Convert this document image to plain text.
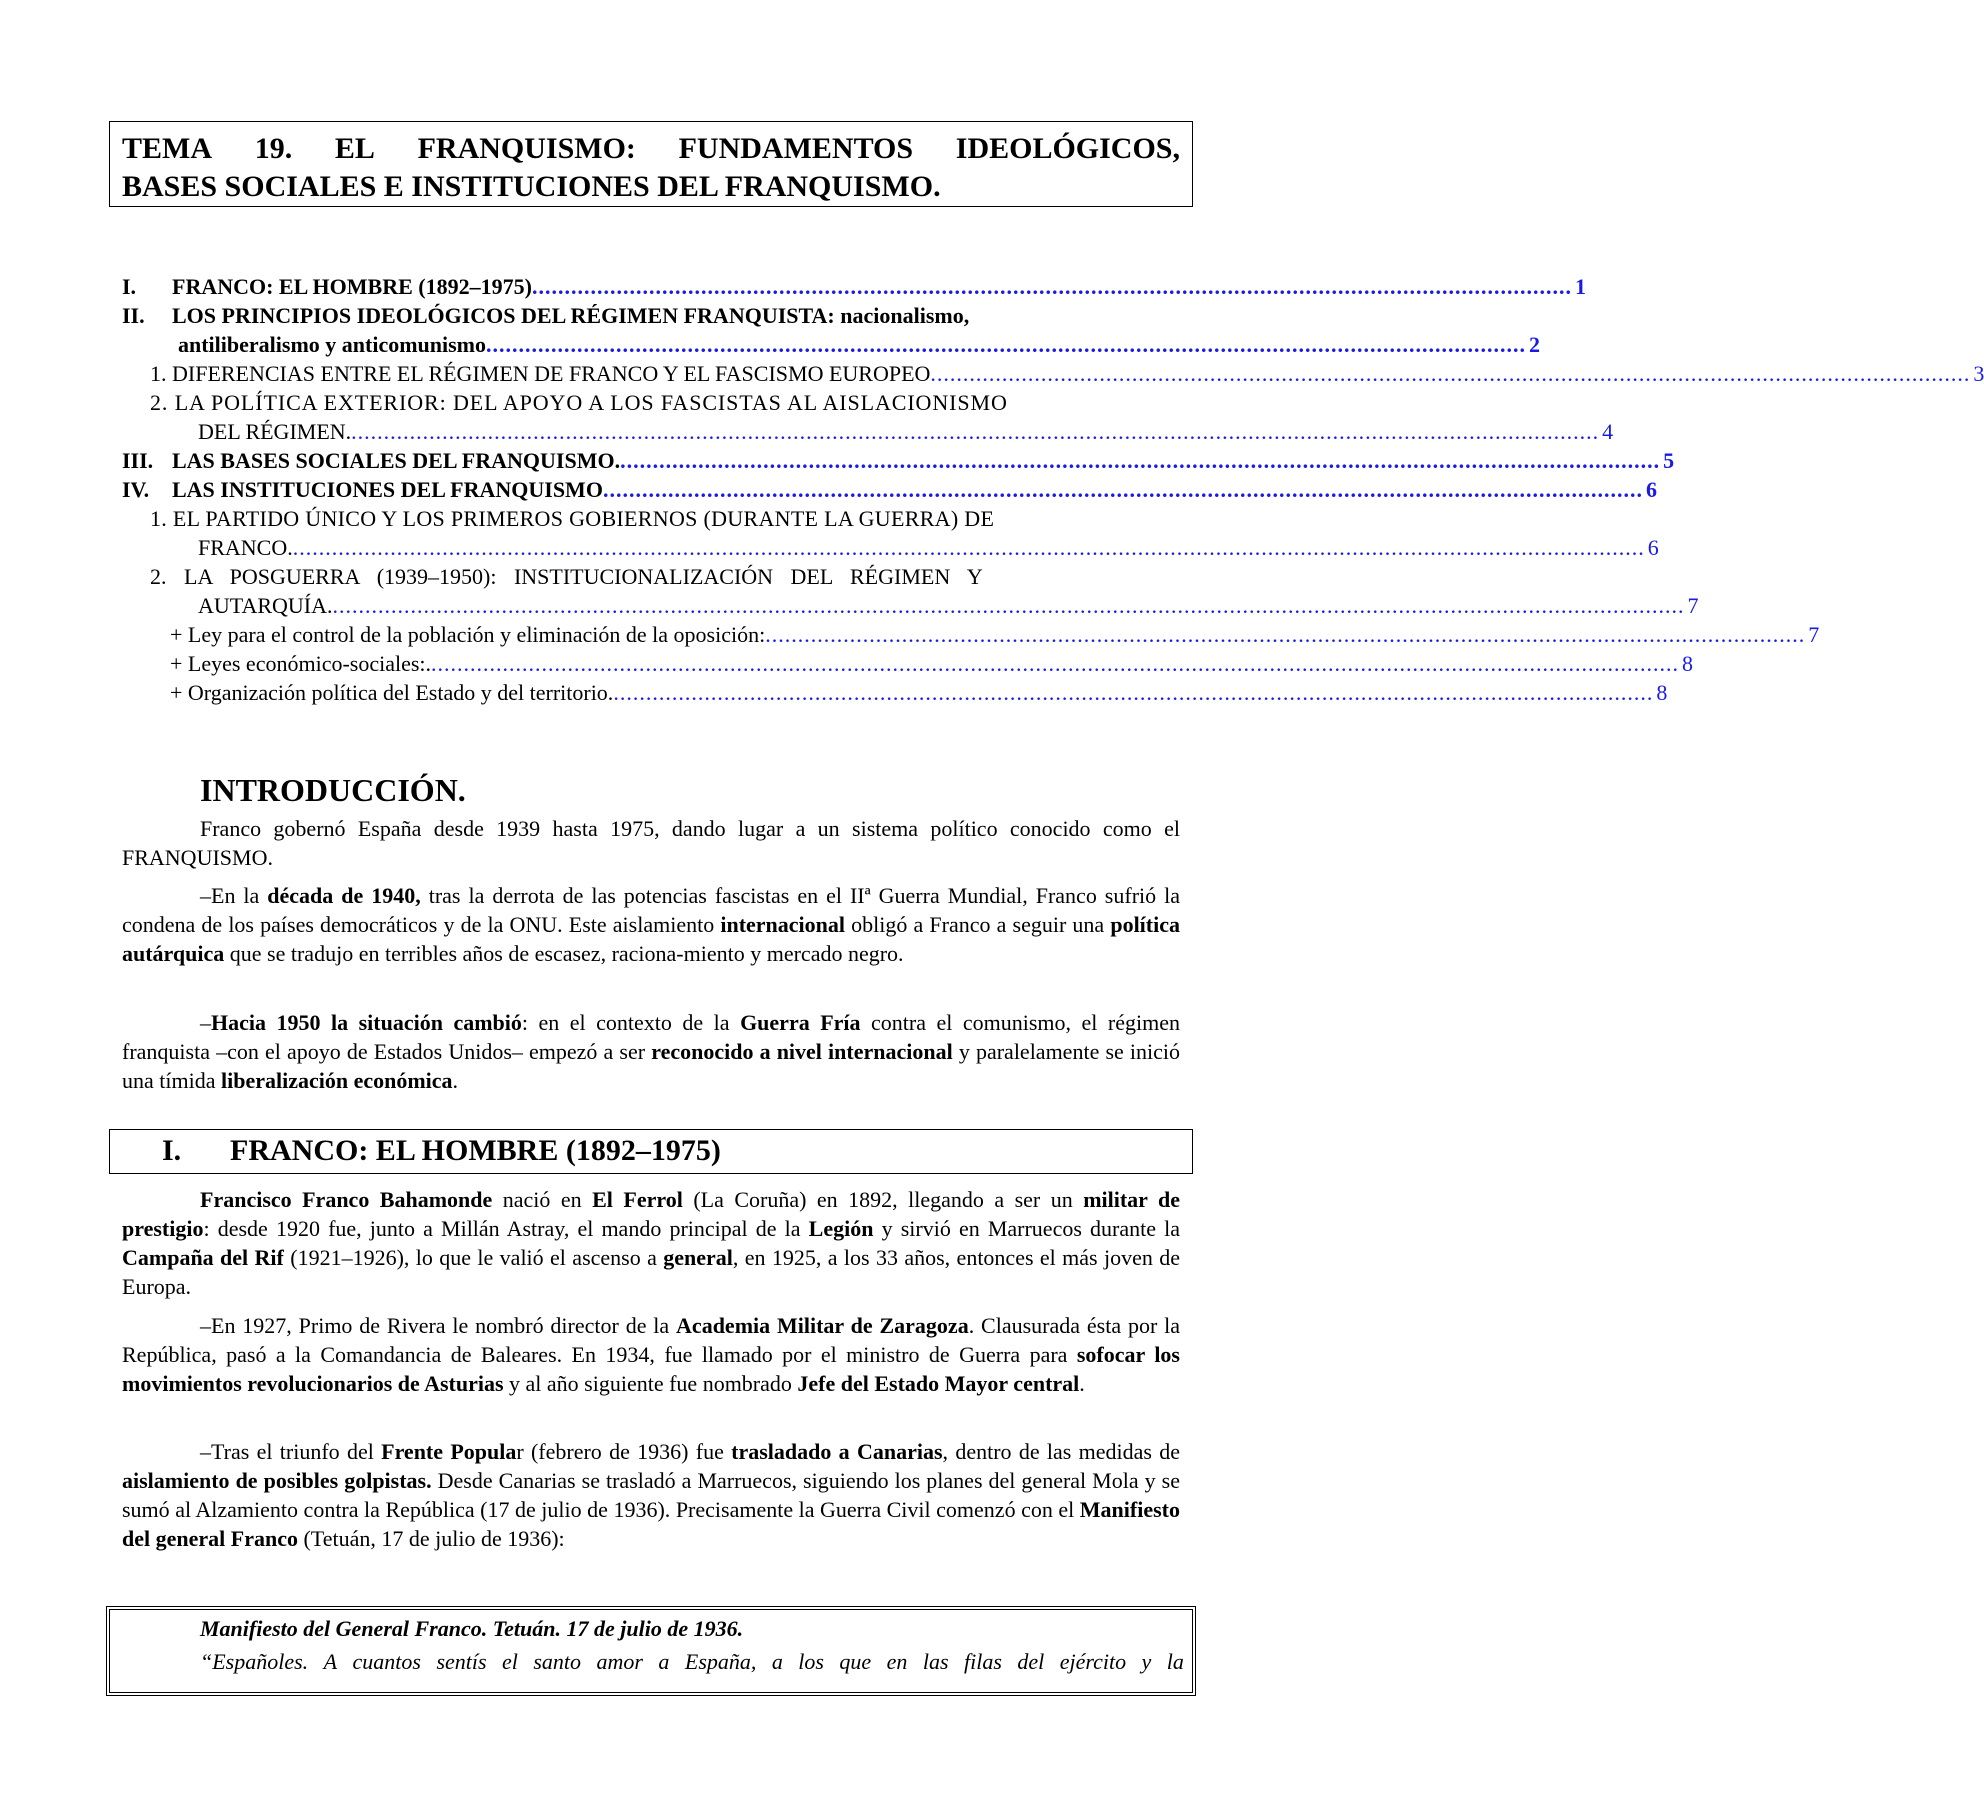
TEMA 19. EL FRANQUISMO: FUNDAMENTOS IDEOLÓGICOS,
BASES SOCIALES E INSTITUCIONES DEL FRANQUISMO.
I. FRANCO: EL HOMBRE (1892–1975) ................................................................................................................................................................ 1
II. LOS PRINCIPIOS IDEOLÓGICOS DEL RÉGIMEN FRANQUISTA: nacionalismo,
antiliberalismo y anticomunismo ................................................................................................................................................................ 2
1. DIFERENCIAS ENTRE EL RÉGIMEN DE FRANCO Y EL FASCISMO EUROPEO ................................................................................................................................................................ 3
2. LA POLÍTICA EXTERIOR: DEL APOYO A LOS FASCISTAS AL AISLACIONISMO
DEL RÉGIMEN. ................................................................................................................................................................................................ 4
III. LAS BASES SOCIALES DEL FRANQUISMO. ................................................................................................................................................................ 5
IV. LAS INSTITUCIONES DEL FRANQUISMO ................................................................................................................................................................ 6
1. EL PARTIDO ÚNICO Y LOS PRIMEROS GOBIERNOS (DURANTE LA GUERRA) DE
FRANCO. ................................................................................................................................................................................................................ 6
2. LA POSGUERRA (1939–1950): INSTITUCIONALIZACIÓN DEL RÉGIMEN Y
AUTARQUÍA. ................................................................................................................................................................................................................ 7
+ Ley para el control de la población y eliminación de la oposición: ................................................................................................................................................................ 7
+ Leyes económico-sociales:. ................................................................................................................................................................................................ 8
+ Organización política del Estado y del territorio. ................................................................................................................................................................ 8
INTRODUCCIÓN.
Franco gobernó España desde 1939 hasta 1975, dando lugar a un sistema político conocido como el FRANQUISMO.
–En la década de 1940, tras la derrota de las potencias fascistas en el IIª Guerra Mundial, Franco sufrió la condena de los países democráticos y de la ONU. Este aislamiento internacional obligó a Franco a seguir una política autárquica que se tradujo en terribles años de escasez, raciona-miento y mercado negro.
–Hacia 1950 la situación cambió: en el contexto de la Guerra Fría contra el comunismo, el régimen franquista –con el apoyo de Estados Unidos– empezó a ser reconocido a nivel internacional y paralelamente se inició una tímida liberalización económica.
I. FRANCO: EL HOMBRE (1892–1975)
Francisco Franco Bahamonde nació en El Ferrol (La Coruña) en 1892, llegando a ser un militar de prestigio: desde 1920 fue, junto a Millán Astray, el mando principal de la Legión y sirvió en Marruecos durante la Campaña del Rif (1921–1926), lo que le valió el ascenso a general, en 1925, a los 33 años, entonces el más joven de Europa.
–En 1927, Primo de Rivera le nombró director de la Academia Militar de Zaragoza. Clausurada ésta por la República, pasó a la Comandancia de Baleares. En 1934, fue llamado por el ministro de Guerra para sofocar los movimientos revolucionarios de Asturias y al año siguiente fue nombrado Jefe del Estado Mayor central.
–Tras el triunfo del Frente Popular (febrero de 1936) fue trasladado a Canarias, dentro de las medidas de aislamiento de posibles golpistas. Desde Canarias se trasladó a Marruecos, siguiendo los planes del general Mola y se sumó al Alzamiento contra la República (17 de julio de 1936). Precisamente la Guerra Civil comenzó con el Manifiesto del general Franco (Tetuán, 17 de julio de 1936):
Manifiesto del General Franco. Tetuán. 17 de julio de 1936.
“Españoles. A cuantos sentís el santo amor a España, a los que en las filas del ejército y la
